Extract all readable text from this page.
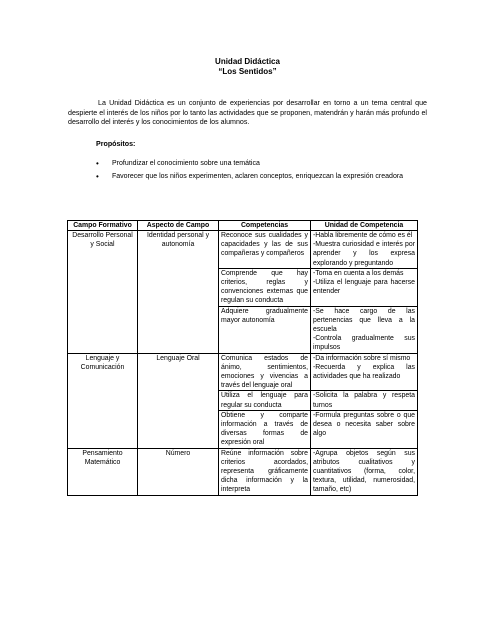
Unidad Didáctica
“Los Sentidos”

La Unidad Didáctica es un conjunto de experiencias por desarrollar en torno a un tema central que despierte el interés de los niños por lo tanto las actividades que se proponen, matendrán y harán más profundo el desarrollo del interés y los conocimientos de los alumnos.

Propósitos:
• Profundizar el conocimiento sobre una temática
• Favorecer que los niños experimenten, aclaren conceptos, enriquezcan la expresión creadora
Campo Formativo	Aspecto de Campo	Competencias	Unidad de Competencia
Desarrollo Personal y Social	Identidad personal y autonomía	Reconoce sus cualidades y capacidades y las de sus compañeras y compañeros	-Habla libremente de cómo es él
-Muestra curiosidad e interés por aprender y los expresa explorando y preguntando

		Comprende que hay criterios, reglas y convenciones externas que regulan su conducta	-Toma en cuenta a los demás
-Utiliza el lenguaje para hacerse entender

		Adquiere gradualmente mayor autonomía	-Se hace cargo de las pertenencias que lleva a la escuela
-Controla gradualmente sus impulsos

Lenguaje y Comunicación	Lenguaje Oral	Comunica estados de ánimo, sentimientos, emociones y vivencias a través del lenguaje oral	-Da información sobre sí mismo
-Recuerda y explica las actividades que ha realizado

		Utiliza el lenguaje para regular su conducta	-Solicita la palabra y respeta turnos

		Obtiene y comparte información a través de diversas formas de expresión oral	-Formula preguntas sobre o que desea o necesita saber sobre algo

Pensamiento Matemático	Número	Reúne información sobre criterios acordados, representa gráficamente dicha información y la interpreta	-Agrupa objetos según sus atributos cualitativos y cuantitativos (forma, color, textura, utilidad, numerosidad, tamaño, etc)
